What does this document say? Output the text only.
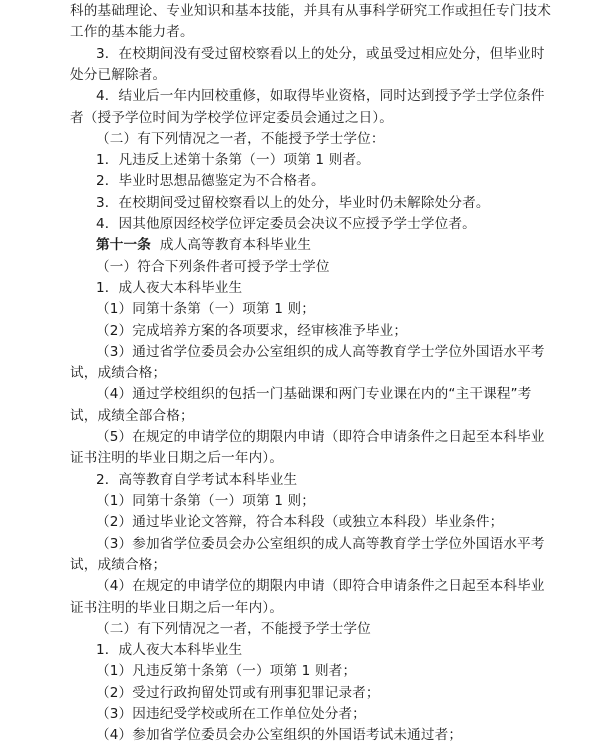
科的基础理论、专业知识和基本技能，并具有从事科学研究工作或担任专门技术
工作的基本能力者。
3．在校期间没有受过留校察看以上的处分，或虽受过相应处分，但毕业时
处分已解除者。
4．结业后一年内回校重修，如取得毕业资格，同时达到授予学士学位条件
者（授予学位时间为学校学位评定委员会通过之日）。
（二）有下列情况之一者，不能授予学士学位：
1．凡违反上述第十条第（一）项第 1 则者。
2．毕业时思想品德鉴定为不合格者。
3．在校期间受过留校察看以上的处分，毕业时仍未解除处分者。
4．因其他原因经校学位评定委员会决议不应授予学士学位者。
第十一条  成人高等教育本科毕业生
（一）符合下列条件者可授予学士学位
1．成人夜大本科毕业生
（1）同第十条第（一）项第 1 则；
（2）完成培养方案的各项要求，经审核准予毕业；
（3）通过省学位委员会办公室组织的成人高等教育学士学位外国语水平考
试，成绩合格；
（4）通过学校组织的包括一门基础课和两门专业课在内的“主干课程”考
试，成绩全部合格；
（5）在规定的申请学位的期限内申请（即符合申请条件之日起至本科毕业
证书注明的毕业日期之后一年内）。
2．高等教育自学考试本科毕业生
（1）同第十条第（一）项第 1 则；
（2）通过毕业论文答辩，符合本科段（或独立本科段）毕业条件；
（3）参加省学位委员会办公室组织的成人高等教育学士学位外国语水平考
试，成绩合格；
（4）在规定的申请学位的期限内申请（即符合申请条件之日起至本科毕业
证书注明的毕业日期之后一年内）。
（二）有下列情况之一者，不能授予学士学位
1．成人夜大本科毕业生
（1）凡违反第十条第（一）项第 1 则者；
（2）受过行政拘留处罚或有刑事犯罪记录者；
（3）因违纪受学校或所在工作单位处分者；
（4）参加省学位委员会办公室组织的外国语考试未通过者；
